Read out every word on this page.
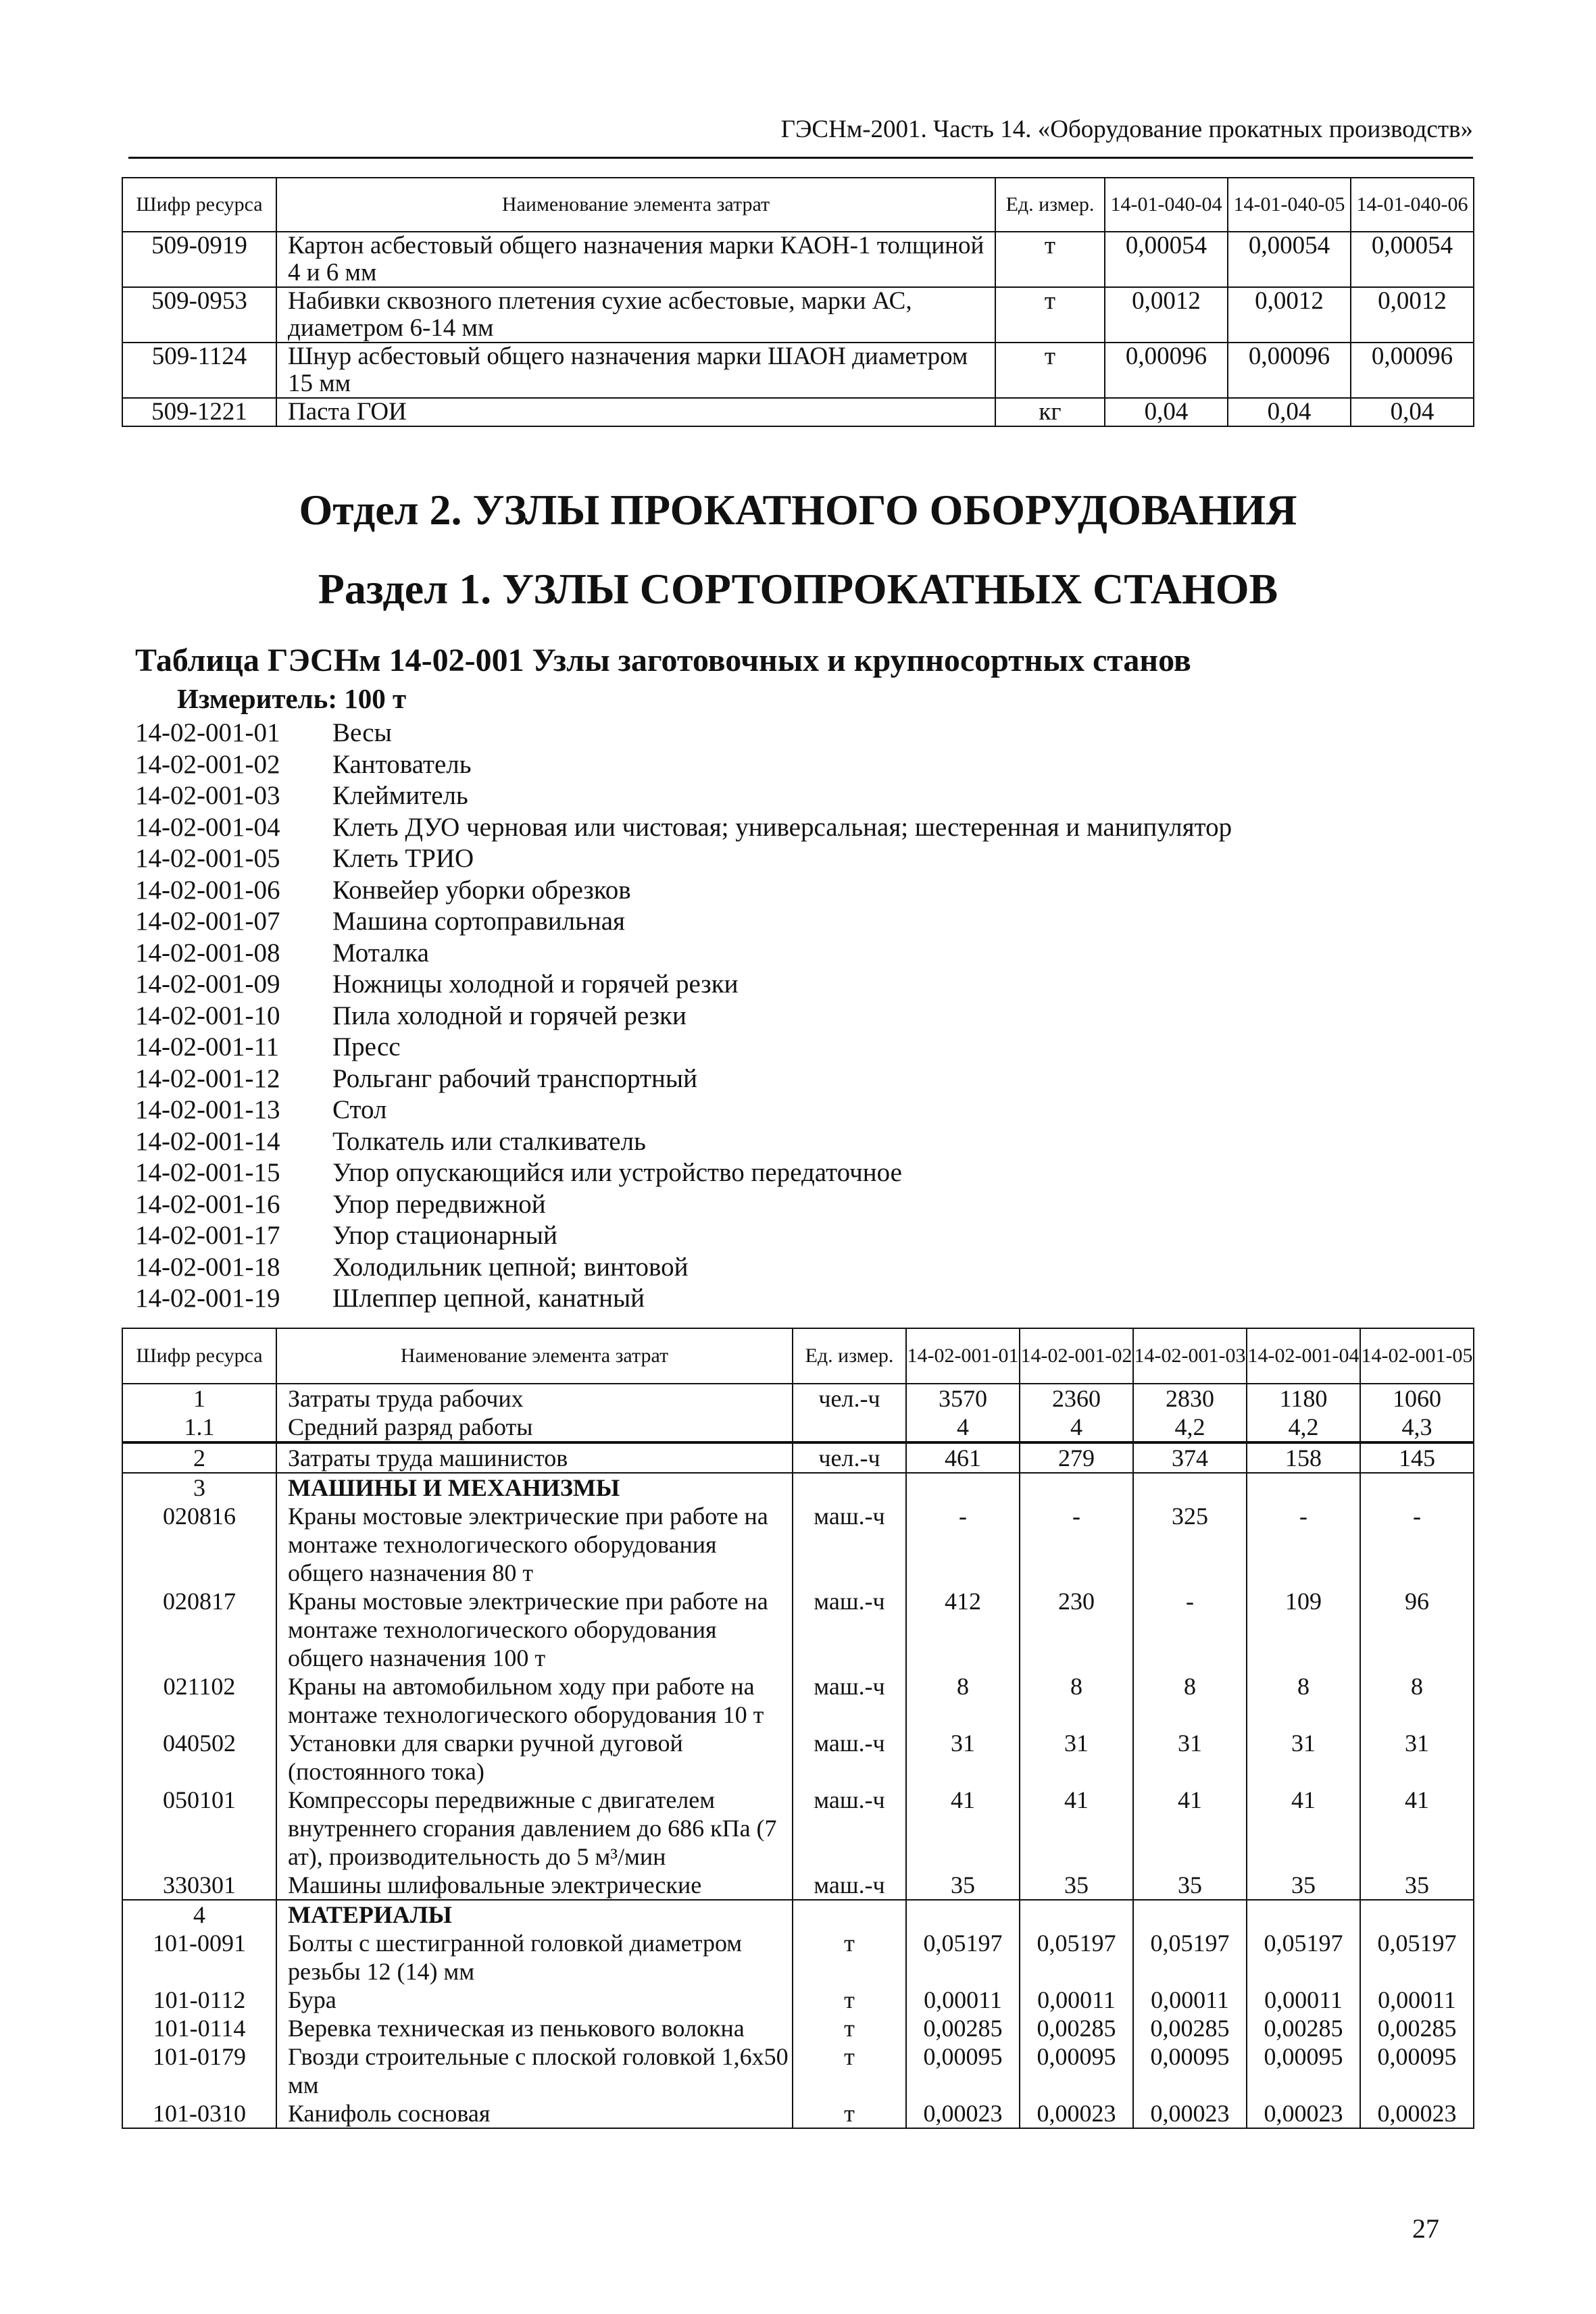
ГЭСНм-2001. Часть 14. «Оборудование прокатных производств»
Шифр ресурса	Наименование элемента затрат	Ед. измер.	14-01-040-04	14-01-040-05	14-01-040-06
509-0919	Картон асбестовый общего назначения марки КАОН-1 толщиной 4 и 6 мм	т	0,00054	0,00054	0,00054
509-0953	Набивки сквозного плетения сухие асбестовые, марки АС, диаметром 6-14 мм	т	0,0012	0,0012	0,0012
509-1124	Шнур асбестовый общего назначения марки ШАОН диаметром 15 мм	т	0,00096	0,00096	0,00096
509-1221	Паста ГОИ	кг	0,04	0,04	0,04
Отдел 2. УЗЛЫ ПРОКАТНОГО ОБОРУДОВАНИЯ
Раздел 1. УЗЛЫ СОРТОПРОКАТНЫХ СТАНОВ
Таблица ГЭСНм 14-02-001 Узлы заготовочных и крупносортных станов
Измеритель: 100 т
14-02-001-01 Весы
14-02-001-02 Кантователь
14-02-001-03 Клеймитель
14-02-001-04 Клеть ДУО черновая или чистовая; универсальная; шестеренная и манипулятор
14-02-001-05 Клеть ТРИО
14-02-001-06 Конвейер уборки обрезков
14-02-001-07 Машина сортоправильная
14-02-001-08 Моталка
14-02-001-09 Ножницы холодной и горячей резки
14-02-001-10 Пила холодной и горячей резки
14-02-001-11 Пресс
14-02-001-12 Рольганг рабочий транспортный
14-02-001-13 Стол
14-02-001-14 Толкатель или сталкиватель
14-02-001-15 Упор опускающийся или устройство передаточное
14-02-001-16 Упор передвижной
14-02-001-17 Упор стационарный
14-02-001-18 Холодильник цепной; винтовой
14-02-001-19 Шлеппер цепной, канатный
Шифр ресурса	Наименование элемента затрат	Ед. измер.	14-02-001-01	14-02-001-02	14-02-001-03	14-02-001-04	14-02-001-05
1	Затраты труда рабочих	чел.-ч	3570	2360	2830	1180	1060
1.1	Средний разряд работы		4	4	4,2	4,2	4,3
2	Затраты труда машинистов	чел.-ч	461	279	374	158	145
3	МАШИНЫ И МЕХАНИЗМЫ						
020816	Краны мостовые электрические при работе на монтаже технологического оборудования общего назначения 80 т	маш.-ч	-	-	325	-	-
020817	Краны мостовые электрические при работе на монтаже технологического оборудования общего назначения 100 т	маш.-ч	412	230	-	109	96
021102	Краны на автомобильном ходу при работе на монтаже технологического оборудования 10 т	маш.-ч	8	8	8	8	8
040502	Установки для сварки ручной дуговой (постоянного тока)	маш.-ч	31	31	31	31	31
050101	Компрессоры передвижные с двигателем внутреннего сгорания давлением до 686 кПа (7 ат), производительность до 5 м³/мин	маш.-ч	41	41	41	41	41
330301	Машины шлифовальные электрические	маш.-ч	35	35	35	35	35
4	МАТЕРИАЛЫ						
101-0091	Болты с шестигранной головкой диаметром резьбы 12 (14) мм	т	0,05197	0,05197	0,05197	0,05197	0,05197
101-0112	Бура	т	0,00011	0,00011	0,00011	0,00011	0,00011
101-0114	Веревка техническая из пенькового волокна	т	0,00285	0,00285	0,00285	0,00285	0,00285
101-0179	Гвозди строительные с плоской головкой 1,6х50 мм	т	0,00095	0,00095	0,00095	0,00095	0,00095
101-0310	Канифоль сосновая	т	0,00023	0,00023	0,00023	0,00023	0,00023
27
